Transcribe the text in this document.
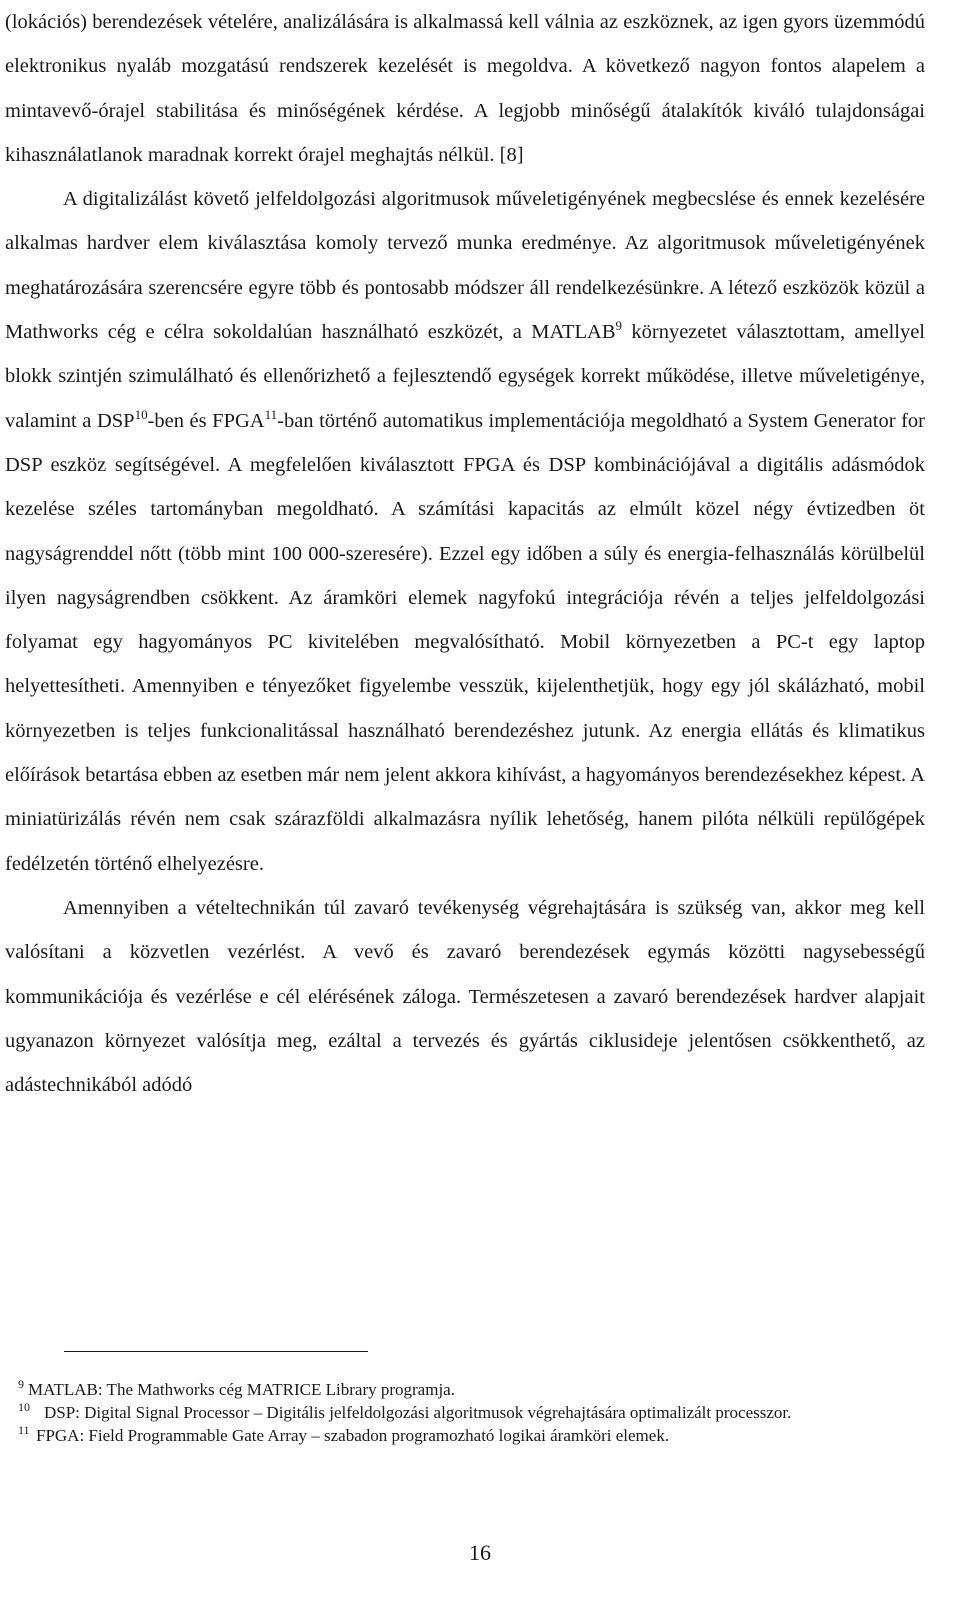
(lokációs) berendezések vételére, analizálására is alkalmassá kell válnia az eszköznek, az igen gyors üzemmódú elektronikus nyaláb mozgatású rendszerek kezelését is megoldva. A következő nagyon fontos alapelem a mintavevő-órajel stabilitása és minőségének kérdése. A legjobb minőségű átalakítók kiváló tulajdonságai kihasználatlanok maradnak korrekt órajel meghajtás nélkül. [8]

A digitalizálást követő jelfeldolgozási algoritmusok műveletigényének megbecslése és ennek kezelésére alkalmas hardver elem kiválasztása komoly tervező munka eredménye. Az algoritmusok műveletigényének meghatározására szerencsére egyre több és pontosabb módszer áll rendelkezésünkre. A létező eszközök közül a Mathworks cég e célra sokoldalúan használható eszközét, a MATLAB$^9$ környezetet választottam, amellyel blokk szintjén szimulálható és ellenőrizhető a fejlesztendő egységek korrekt működése, illetve műveletigénye, valamint a DSP$^{10}$-ben és FPGA$^{11}$-ban történő automatikus implementációja megoldható a System Generator for DSP eszköz segítségével. A megfelelően kiválasztott FPGA és DSP kombinációjával a digitális adásmódok kezelése széles tartományban megoldható. A számítási kapacitás az elmúlt közel négy évtizedben öt nagyságrenddel nőtt (több mint 100 000-szeresére). Ezzel egy időben a súly és energia-felhasználás körülbelül ilyen nagyságrendben csökkent. Az áramköri elemek nagyfokú integrációja révén a teljes jelfeldolgozási folyamat egy hagyományos PC kivitelében megvalósítható. Mobil környezetben a PC-t egy laptop helyettesítheti. Amennyiben e tényezőket figyelembe vesszük, kijelenthetjük, hogy egy jól skálázható, mobil környezetben is teljes funkcionalitással használható berendezéshez jutunk. Az energia ellátás és klimatikus előírások betartása ebben az esetben már nem jelent akkora kihívást, a hagyományos berendezésekhez képest. A miniatürizálás révén nem csak szárazföldi alkalmazásra nyílik lehetőség, hanem pilóta nélküli repülőgépek fedélzetén történő elhelyezésre.

Amennyiben a vételtechnikán túl zavaró tevékenység végrehajtására is szükség van, akkor meg kell valósítani a közvetlen vezérlést. A vevő és zavaró berendezések egymás közötti nagysebességű kommunikációja és vezérlése e cél elérésének záloga. Természetesen a zavaró berendezések hardver alapjait ugyanazon környezet valósítja meg, ezáltal a tervezés és gyártás ciklusideje jelentősen csökkenthető, az adástechnikából adódó

9 MATLAB: The Mathworks cég MATRICE Library programja.
10 DSP: Digital Signal Processor – Digitális jelfeldolgozási algoritmusok végrehajtására optimalizált processzor.
11 FPGA: Field Programmable Gate Array – szabadon programozható logikai áramköri elemek.
16
